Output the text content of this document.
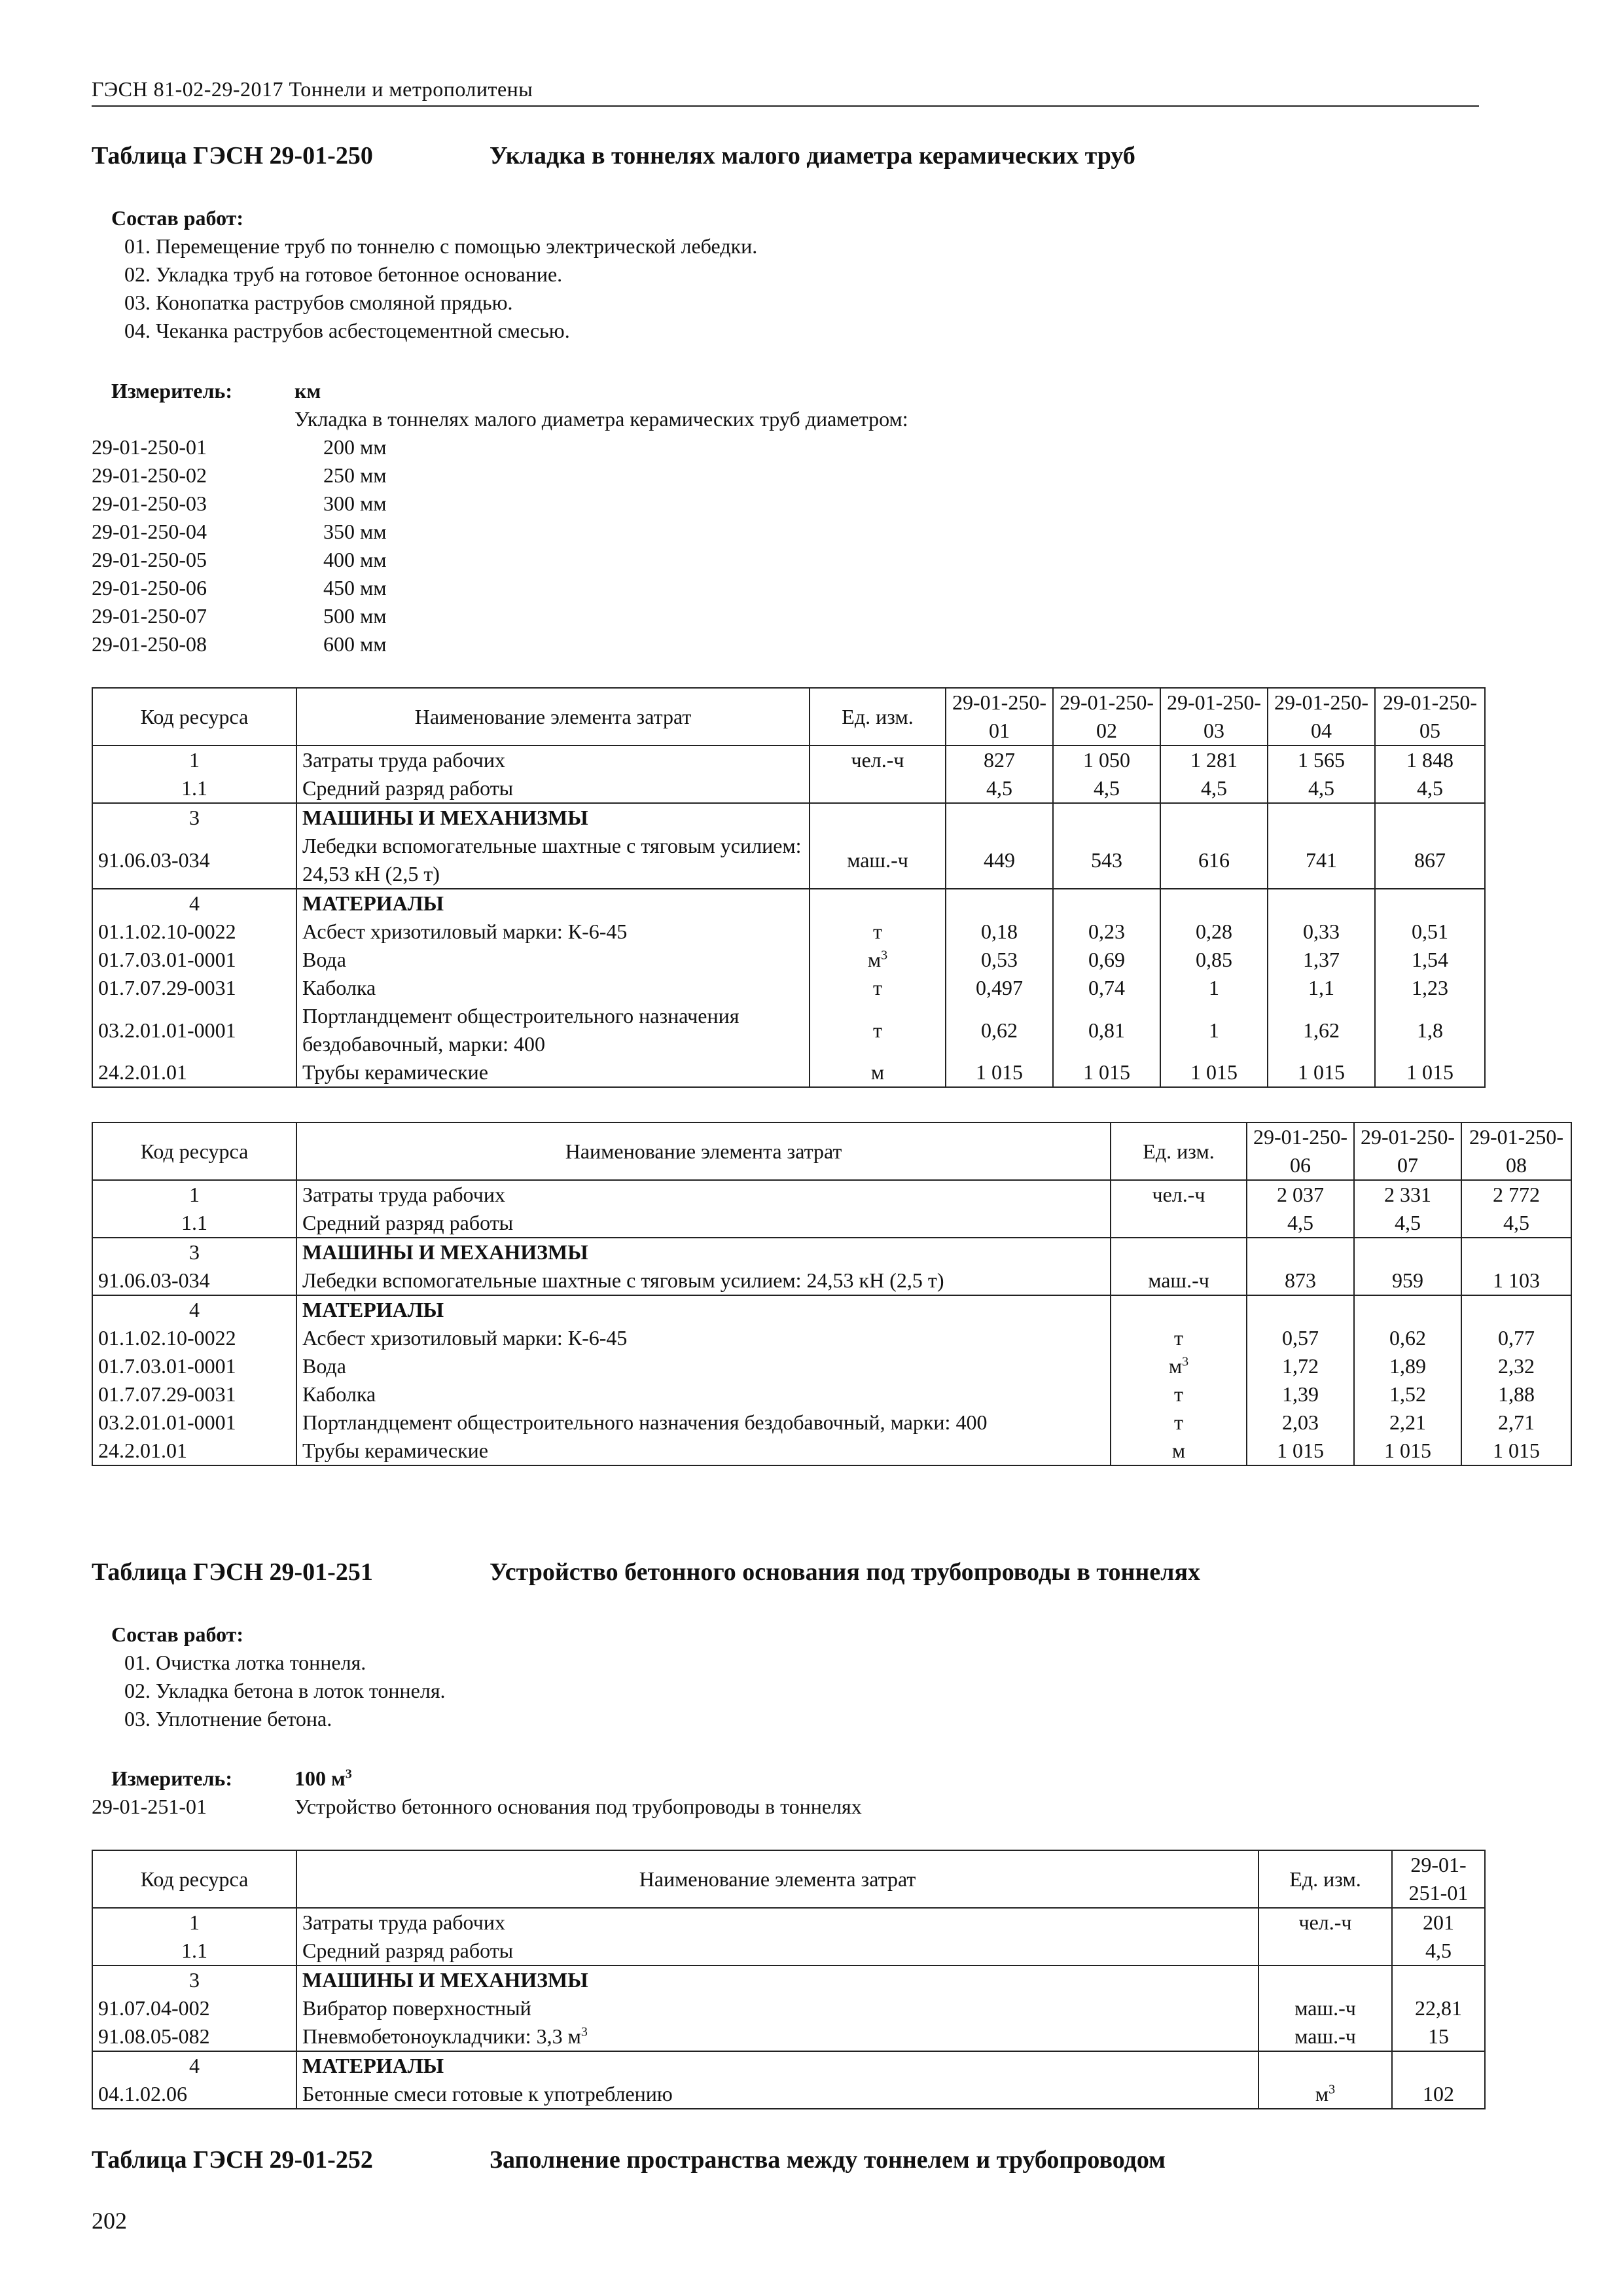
ГЭСН 81-02-29-2017 Тоннели и метрополитены
Таблица ГЭСН 29-01-250	Укладка в тоннелях малого диаметра керамических труб
Состав работ:
01. Перемещение труб по тоннелю с помощью электрической лебедки.
02. Укладка труб на готовое бетонное основание.
03. Конопатка раструбов смоляной прядью.
04. Чеканка раструбов асбестоцементной смесью.
Измеритель:	км
Укладка в тоннелях малого диаметра керамических труб диаметром:
29-01-250-01	200 мм
29-01-250-02	250 мм
29-01-250-03	300 мм
29-01-250-04	350 мм
29-01-250-05	400 мм
29-01-250-06	450 мм
29-01-250-07	500 мм
29-01-250-08	600 мм
Код ресурса	Наименование элемента затрат	Ед. изм.	29-01-250-01	29-01-250-02	29-01-250-03	29-01-250-04	29-01-250-05
1	Затраты труда рабочих	чел.-ч	827	1 050	1 281	1 565	1 848
1.1	Средний разряд работы		4,5	4,5	4,5	4,5	4,5
3	МАШИНЫ И МЕХАНИЗМЫ						
91.06.03-034	Лебедки вспомогательные шахтные с тяговым усилием: 24,53 кН (2,5 т)	маш.-ч	449	543	616	741	867
4	МАТЕРИАЛЫ						
01.1.02.10-0022	Асбест хризотиловый марки: К-6-45	т	0,18	0,23	0,28	0,33	0,51
01.7.03.01-0001	Вода	$м^3$	0,53	0,69	0,85	1,37	1,54
01.7.07.29-0031	Каболка	т	0,497	0,74	1	1,1	1,23
03.2.01.01-0001	Портландцемент общестроительного назначения бездобавочный, марки: 400	т	0,62	0,81	1	1,62	1,8
24.2.01.01	Трубы керамические	м	1 015	1 015	1 015	1 015	1 015
Код ресурса	Наименование элемента затрат	Ед. изм.	29-01-250-06	29-01-250-07	29-01-250-08
1	Затраты труда рабочих	чел.-ч	2 037	2 331	2 772
1.1	Средний разряд работы		4,5	4,5	4,5
3	МАШИНЫ И МЕХАНИЗМЫ				
91.06.03-034	Лебедки вспомогательные шахтные с тяговым усилием: 24,53 кН (2,5 т)	маш.-ч	873	959	1 103
4	МАТЕРИАЛЫ				
01.1.02.10-0022	Асбест хризотиловый марки: К-6-45	т	0,57	0,62	0,77
01.7.03.01-0001	Вода	$м^3$	1,72	1,89	2,32
01.7.07.29-0031	Каболка	т	1,39	1,52	1,88
03.2.01.01-0001	Портландцемент общестроительного назначения бездобавочный, марки: 400	т	2,03	2,21	2,71
24.2.01.01	Трубы керамические	м	1 015	1 015	1 015
Таблица ГЭСН 29-01-251	Устройство бетонного основания под трубопроводы в тоннелях
Состав работ:
01. Очистка лотка тоннеля.
02. Укладка бетона в лоток тоннеля.
03. Уплотнение бетона.
Измеритель:	100 $м^3$
29-01-251-01	Устройство бетонного основания под трубопроводы в тоннелях
Код ресурса	Наименование элемента затрат	Ед. изм.	29-01-251-01
1	Затраты труда рабочих	чел.-ч	201
1.1	Средний разряд работы		4,5
3	МАШИНЫ И МЕХАНИЗМЫ		
91.07.04-002	Вибратор поверхностный	маш.-ч	22,81
91.08.05-082	Пневмобетоноукладчики: 3,3 $м^3$	маш.-ч	15
4	МАТЕРИАЛЫ		
04.1.02.06	Бетонные смеси готовые к употреблению	$м^3$	102
Таблица ГЭСН 29-01-252	Заполнение пространства между тоннелем и трубопроводом
202
